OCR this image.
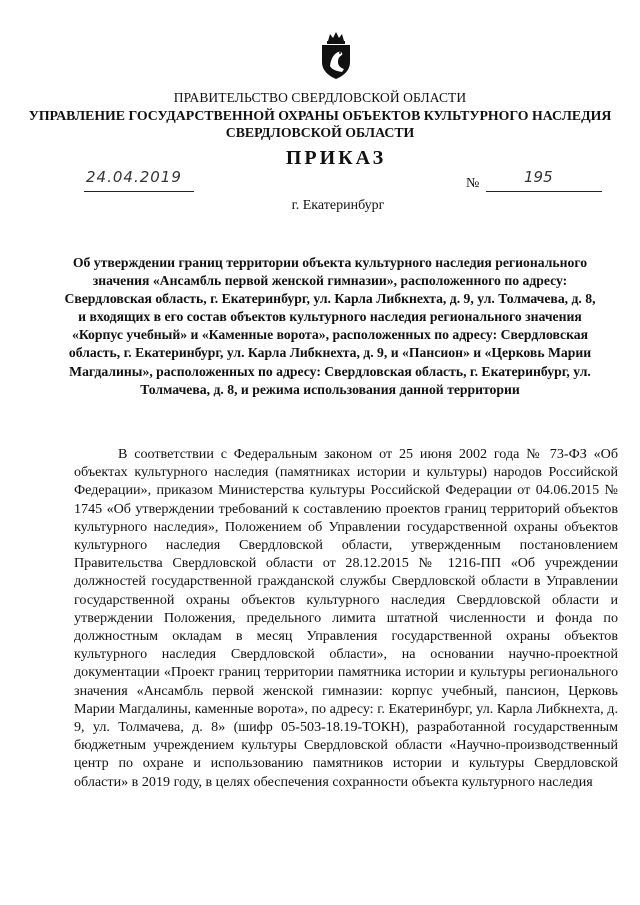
ПРАВИТЕЛЬСТВО СВЕРДЛОВСКОЙ ОБЛАСТИ
УПРАВЛЕНИЕ ГОСУДАРСТВЕННОЙ ОХРАНЫ ОБЪЕКТОВ КУЛЬТУРНОГО НАСЛЕДИЯ
СВЕРДЛОВСКОЙ ОБЛАСТИ
ПРИКАЗ
24.04.2019	№	195
г. Екатеринбург
Об утверждении границ территории объекта культурного наследия регионального значения «Ансамбль первой женской гимназии», расположенного по адресу: Свердловская область, г. Екатеринбург, ул. Карла Либкнехта, д. 9, ул. Толмачева, д. 8, и входящих в его состав объектов культурного наследия регионального значения «Корпус учебный» и «Каменные ворота», расположенных по адресу: Свердловская область, г. Екатеринбург, ул. Карла Либкнехта, д. 9, и «Пансион» и «Церковь Марии Магдалины», расположенных по адресу: Свердловская область, г. Екатеринбург, ул. Толмачева, д. 8, и режима использования данной территории
В соответствии с Федеральным законом от 25 июня 2002 года № 73-ФЗ «Об объектах культурного наследия (памятниках истории и культуры) народов Российской Федерации», приказом Министерства культуры Российской Федерации от 04.06.2015 № 1745 «Об утверждении требований к составлению проектов границ территорий объектов культурного наследия», Положением об Управлении государственной охраны объектов культурного наследия Свердловской области, утвержденным постановлением Правительства Свердловской области от 28.12.2015 № 1216-ПП «Об учреждении должностей государственной гражданской службы Свердловской области в Управлении государственной охраны объектов культурного наследия Свердловской области и утверждении Положения, предельного лимита штатной численности и фонда по должностным окладам в месяц Управления государственной охраны объектов культурного наследия Свердловской области», на основании научно-проектной документации «Проект границ территории памятника истории и культуры регионального значения «Ансамбль первой женской гимназии: корпус учебный, пансион, Церковь Марии Магдалины, каменные ворота», по адресу: г. Екатеринбург, ул. Карла Либкнехта, д. 9, ул. Толмачева, д. 8» (шифр 05-503-18.19-ТОКН), разработанной государственным бюджетным учреждением культуры Свердловской области «Научно-производственный центр по охране и использованию памятников истории и культуры Свердловской области» в 2019 году, в целях обеспечения сохранности объекта культурного наследия
